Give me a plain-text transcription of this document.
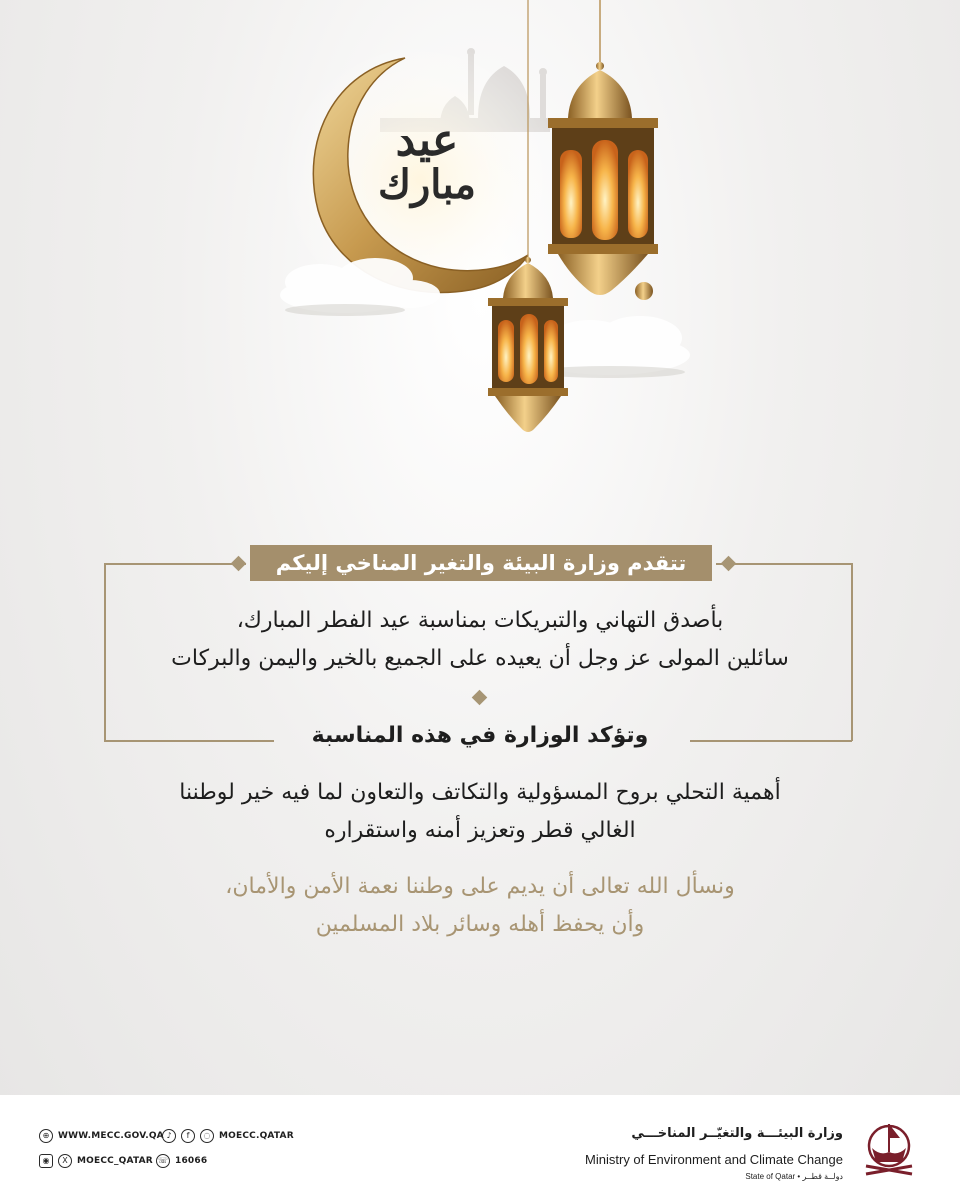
عيد
مبارك
تتقدم وزارة البيئة والتغير المناخي إليكم
بأصدق التهاني والتبريكات بمناسبة عيد الفطر المبارك،
سائلين المولى عز وجل أن يعيده على الجميع بالخير واليمن والبركات
وتؤكد الوزارة في هذه المناسبة
أهمية التحلي بروح المسؤولية والتكاتف والتعاون لما فيه خير لوطننا
الغالي قطر وتعزيز أمنه واستقراره
ونسأل الله تعالى أن يديم على وطننا نعمة الأمن والأمان،
وأن يحفظ أهله وسائر بلاد المسلمين
⊕ WWW.MECC.GOV.QA ♪	f	◌ MOECC.QATAR
◉	X	MOECC_QATAR ☏ 16066
وزارة البيئـــة والتغيّــر المناخـــي
Ministry of Environment and Climate Change
State of Qatar • دولــة قطــر
